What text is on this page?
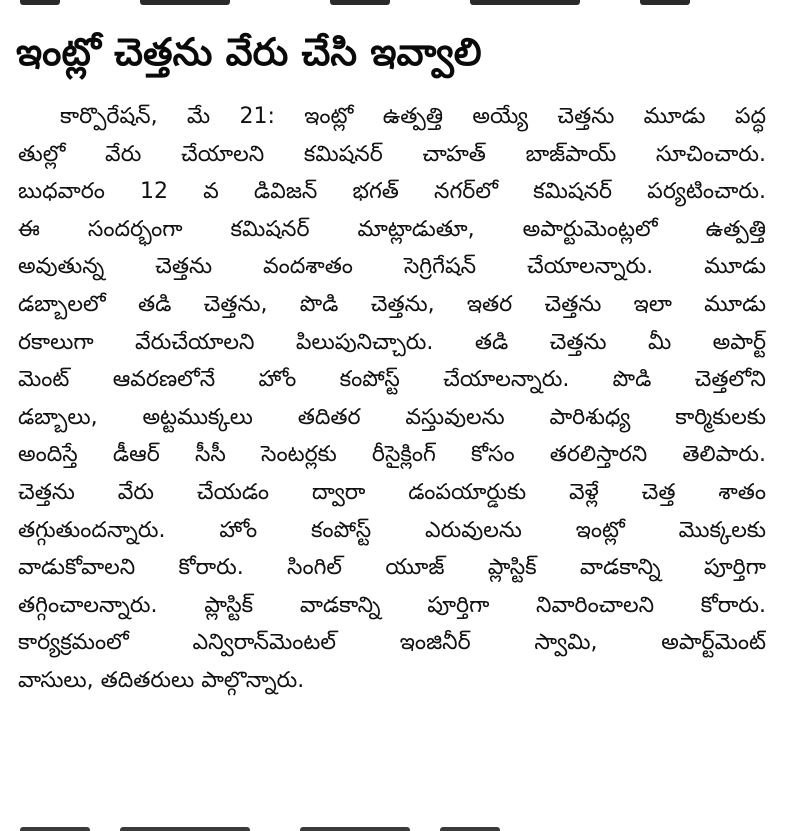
ఇంట్లో చెత్తను వేరు చేసి ఇవ్వాలి
కార్పొరేషన్, మే 21: ఇంట్లో ఉత్పత్తి అయ్యే చెత్తను మూడు పద్ధ
తుల్లో వేరు చేయాలని కమిషనర్ చాహత్ బాజ్‌పాయ్ సూచించారు.
బుధవారం 12 వ డివిజన్ భగత్ నగర్‌లో కమిషనర్ పర్యటించారు.
ఈ సందర్భంగా కమిషనర్ మాట్లాడుతూ, అపార్టుమెంట్లలో ఉత్పత్తి
అవుతున్న చెత్తను వందశాతం సెగ్రిగేషన్ చేయాలన్నారు. మూడు
డబ్బాలలో తడి చెత్తను, పొడి చెత్తను, ఇతర చెత్తను ఇలా మూడు
రకాలుగా వేరుచేయాలని పిలుపునిచ్చారు. తడి చెత్తను మీ అపార్ట్
మెంట్ ఆవరణలోనే హోం కంపోస్ట్ చేయాలన్నారు. పొడి చెత్తలోని
డబ్బాలు, అట్టముక్కలు తదితర వస్తువులను పారిశుధ్య కార్మికులకు
అందిస్తే డీఆర్ సీసీ సెంటర్లకు రీసైక్లింగ్ కోసం తరలిస్తారని తెలిపారు.
చెత్తను వేరు చేయడం ద్వారా డంపయార్డుకు వెళ్లే చెత్త శాతం
తగ్గుతుందన్నారు. హోం కంపోస్ట్ ఎరువులను ఇంట్లో మొక్కలకు
వాడుకోవాలని కోరారు. సింగిల్ యూజ్ ప్లాస్టిక్ వాడకాన్ని పూర్తిగా
తగ్గించాలన్నారు. ప్లాస్టిక్ వాడకాన్ని పూర్తిగా నివారించాలని కోరారు.
కార్యక్రమంలో ఎన్విరాన్‌మెంటల్ ఇంజినీర్ స్వామి, అపార్ట్‌మెంట్
వాసులు, తదితరులు పాల్గొన్నారు.
